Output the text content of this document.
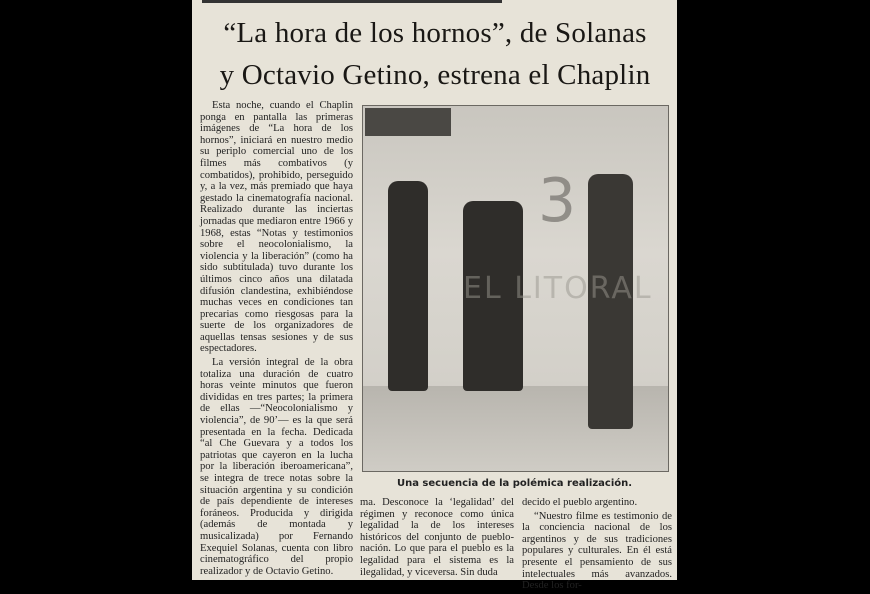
“La hora de los hornos”, de Solanas
y Octavio Getino, estrena el Chaplin

Esta noche, cuando el Chaplin ponga en pantalla las primeras imágenes de “La hora de los hornos”, iniciará en nuestro medio su periplo comercial uno de los filmes más combativos (y combatidos), prohibido, perseguido y, a la vez, más premiado que haya gestado la cinematografía nacional. Realizado durante las inciertas jornadas que mediaron entre 1966 y 1968, estas “Notas y testimonios sobre el neocolonialismo, la violencia y la liberación” (como ha sido subtitulada) tuvo durante los últimos cinco años una dilatada difusión clandestina, exhibiéndose muchas veces en condiciones tan precarias como riesgosas para la suerte de los organizadores de aquellas tensas sesiones y de sus espectadores.

La versión integral de la obra totaliza una duración de cuatro horas veinte minutos que fueron divididas en tres partes; la primera de ellas —“Neocolonialismo y violencia”, de 90’— es la que será presentada en la fecha. Dedicada “al Che Guevara y a todos los patriotas que cayeron en la lucha por la liberación iberoamericana”, se integra de trece notas sobre la situación argentina y su condición de país dependiente de intereses foráneos. Producida y dirigida (además de montada y musicalizada) por Fernando Exequiel Solanas, cuenta con libro cinematográfico del propio realizador y de Octavio Getino.

3
EL LITORAL
Una secuencia de la polémica realización.

ma. Desconoce la ‘legalidad’ del régimen y reconoce como única legalidad la de los intereses históricos del conjunto de pueblo-nación. Lo que para el pueblo es la legalidad para el sistema es la ilegalidad, y viceversa. Sin duda

decido el pueblo argentino.

“Nuestro filme es testimonio de la conciencia nacional de los argentinos y de sus tradiciones populares y culturales. En él está presente el pensamiento de sus intelectuales más avanzados. Desde los for-
